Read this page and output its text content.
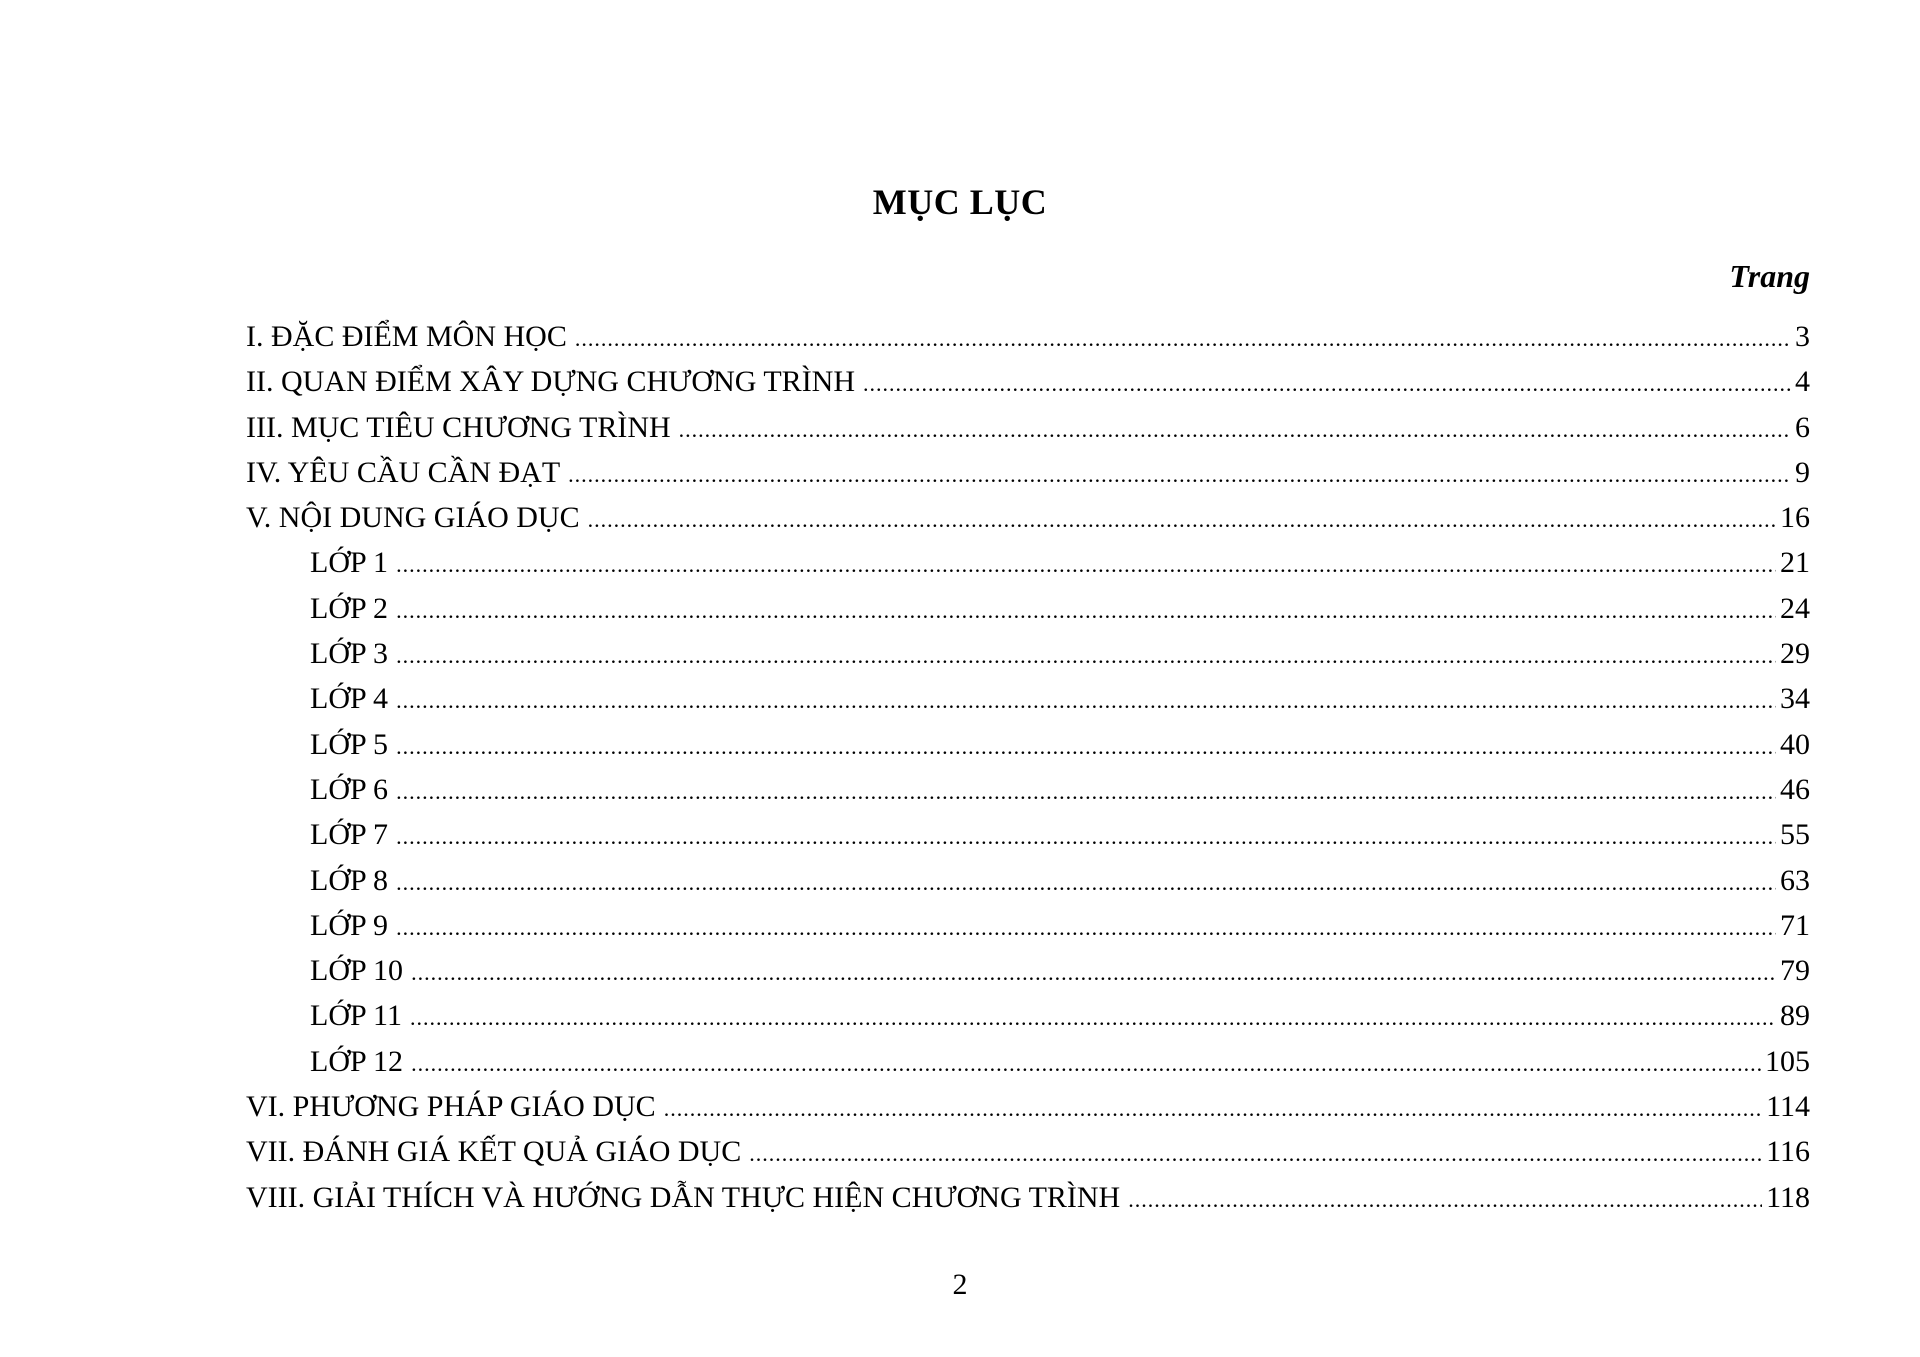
MỤC LỤC
Trang
I. ĐẶC ĐIỂM MÔN HỌC .....	3
II. QUAN ĐIỂM XÂY DỰNG CHƯƠNG TRÌNH .....	4
III. MỤC TIÊU CHƯƠNG TRÌNH .....	6
IV. YÊU CẦU CẦN ĐẠT .....	9
V. NỘI DUNG GIÁO DỤC .....	16
LỚP 1 .....	21
LỚP 2 .....	24
LỚP 3 .....	29
LỚP 4 .....	34
LỚP 5 .....	40
LỚP 6 .....	46
LỚP 7 .....	55
LỚP 8 .....	63
LỚP 9 .....	71
LỚP 10 .....	79
LỚP 11 .....	89
LỚP 12 .....	105
VI. PHƯƠNG PHÁP GIÁO DỤC .....	114
VII. ĐÁNH GIÁ KẾT QUẢ GIÁO DỤC .....	116
VIII. GIẢI THÍCH VÀ HƯỚNG DẪN THỰC HIỆN CHƯƠNG TRÌNH .....	118
2
